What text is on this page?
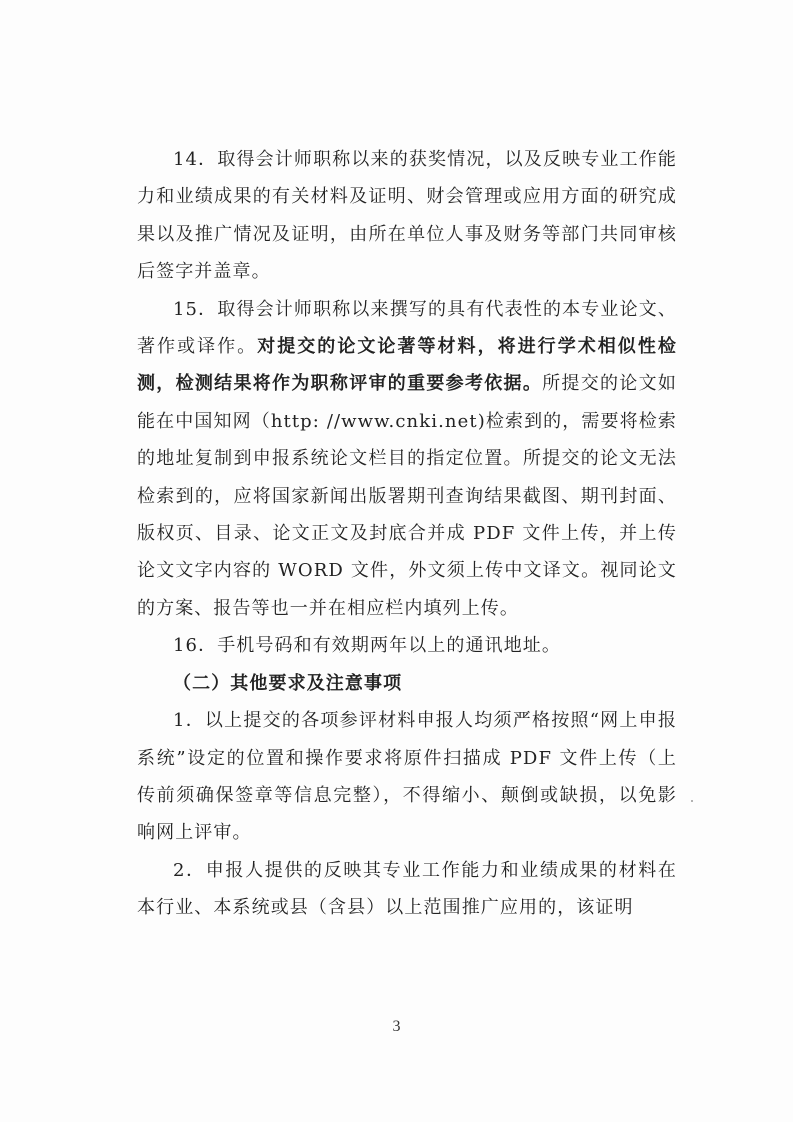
14．取得会计师职称以来的获奖情况，以及反映专业工作能力和业绩成果的有关材料及证明、财会管理或应用方面的研究成果以及推广情况及证明，由所在单位人事及财务等部门共同审核后签字并盖章。

15．取得会计师职称以来撰写的具有代表性的本专业论文、著作或译作。对提交的论文论著等材料，将进行学术相似性检测，检测结果将作为职称评审的重要参考依据。所提交的论文如能在中国知网（http: //www.cnki.net)检索到的，需要将检索的地址复制到申报系统论文栏目的指定位置。所提交的论文无法检索到的，应将国家新闻出版署期刊查询结果截图、期刊封面、版权页、目录、论文正文及封底合并成 PDF 文件上传，并上传论文文字内容的 WORD 文件，外文须上传中文译文。视同论文的方案、报告等也一并在相应栏内填列上传。

16．手机号码和有效期两年以上的通讯地址。

（二）其他要求及注意事项

1．以上提交的各项参评材料申报人均须严格按照“网上申报系统”设定的位置和操作要求将原件扫描成 PDF 文件上传（上传前须确保签章等信息完整），不得缩小、颠倒或缺损，以免影响网上评审。

2．申报人提供的反映其专业工作能力和业绩成果的材料在本行业、本系统或县（含县）以上范围推广应用的，该证明

3
